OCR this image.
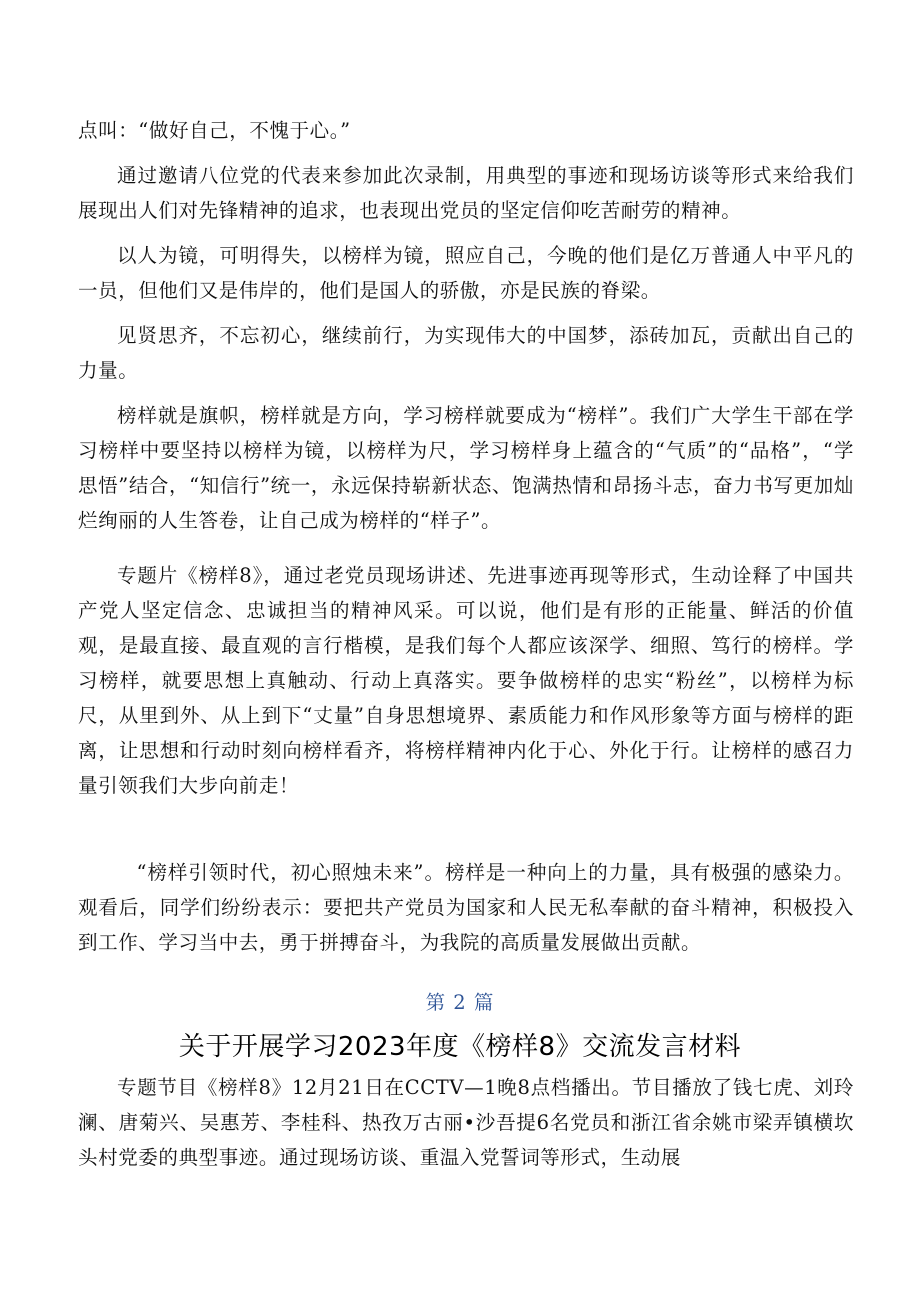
点叫：“做好自己，不愧于心。”

通过邀请八位党的代表来参加此次录制，用典型的事迹和现场访谈等形式来给我们展现出人们对先锋精神的追求，也表现出党员的坚定信仰吃苦耐劳的精神。

以人为镜，可明得失，以榜样为镜，照应自己，今晚的他们是亿万普通人中平凡的一员，但他们又是伟岸的，他们是国人的骄傲，亦是民族的脊梁。

见贤思齐，不忘初心，继续前行，为实现伟大的中国梦，添砖加瓦，贡献出自己的力量。

榜样就是旗帜，榜样就是方向，学习榜样就要成为“榜样”。我们广大学生干部在学习榜样中要坚持以榜样为镜，以榜样为尺，学习榜样身上蕴含的“气质”的“品格”，“学思悟”结合，“知信行”统一，永远保持崭新状态、饱满热情和昂扬斗志，奋力书写更加灿烂绚丽的人生答卷，让自己成为榜样的“样子”。

专题片《榜样8》，通过老党员现场讲述、先进事迹再现等形式，生动诠释了中国共产党人坚定信念、忠诚担当的精神风采。可以说，他们是有形的正能量、鲜活的价值观，是最直接、最直观的言行楷模，是我们每个人都应该深学、细照、笃行的榜样。学习榜样，就要思想上真触动、行动上真落实。要争做榜样的忠实“粉丝”，以榜样为标尺，从里到外、从上到下“丈量”自身思想境界、素质能力和作风形象等方面与榜样的距离，让思想和行动时刻向榜样看齐，将榜样精神内化于心、外化于行。让榜样的感召力量引领我们大步向前走！

“榜样引领时代，初心照烛未来”。榜样是一种向上的力量，具有极强的感染力。观看后，同学们纷纷表示：要把共产党员为国家和人民无私奉献的奋斗精神，积极投入到工作、学习当中去，勇于拼搏奋斗，为我院的高质量发展做出贡献。

第 2 篇
关于开展学习2023年度《榜样8》交流发言材料

专题节目《榜样8》12月21日在CCTV—1晚8点档播出。节目播放了钱七虎、刘玲澜、唐菊兴、吴惠芳、李桂科、热孜万古丽•沙吾提6名党员和浙江省余姚市梁弄镇横坎头村党委的典型事迹。通过现场访谈、重温入党誓词等形式，生动展
